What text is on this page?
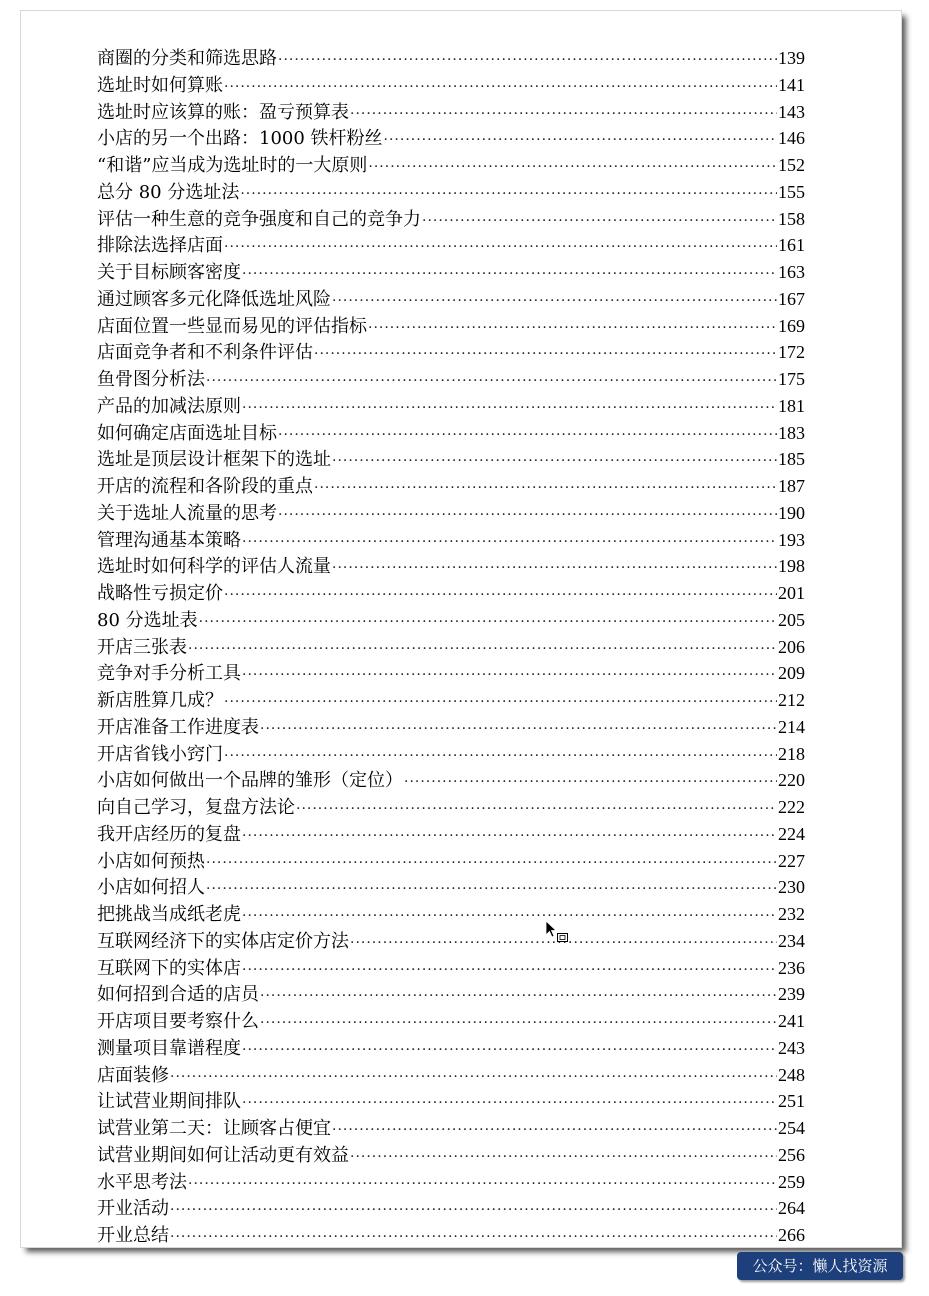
商圈的分类和筛选思路 ·····	139
选址时如何算账 ·····	141
选址时应该算的账：盈亏预算表 ·····	143
小店的另一个出路：1000 铁杆粉丝 ·····	146
“和谐”应当成为选址时的一大原则 ·····	152
总分 80 分选址法 ·····	155
评估一种生意的竞争强度和自己的竞争力 ·····	158
排除法选择店面 ·····	161
关于目标顾客密度 ·····	163
通过顾客多元化降低选址风险 ·····	167
店面位置一些显而易见的评估指标 ·····	169
店面竞争者和不利条件评估 ·····	172
鱼骨图分析法 ·····	175
产品的加减法原则 ·····	181
如何确定店面选址目标 ·····	183
选址是顶层设计框架下的选址 ·····	185
开店的流程和各阶段的重点 ·····	187
关于选址人流量的思考 ·····	190
管理沟通基本策略 ·····	193
选址时如何科学的评估人流量 ·····	198
战略性亏损定价 ·····	201
80 分选址表 ·····	205
开店三张表 ·····	206
竞争对手分析工具 ·····	209
新店胜算几成？ ·····	212
开店准备工作进度表 ·····	214
开店省钱小窍门 ·····	218
小店如何做出一个品牌的雏形（定位） ·····	220
向自己学习，复盘方法论 ·····	222
我开店经历的复盘 ·····	224
小店如何预热 ·····	227
小店如何招人 ·····	230
把挑战当成纸老虎 ·····	232
互联网经济下的实体店定价方法 ·····	234
互联网下的实体店 ·····	236
如何招到合适的店员 ·····	239
开店项目要考察什么 ·····	241
测量项目靠谱程度 ·····	243
店面装修 ·····	248
让试营业期间排队 ·····	251
试营业第二天：让顾客占便宜 ·····	254
试营业期间如何让活动更有效益 ·····	256
水平思考法 ·····	259
开业活动 ·····	264
开业总结 ·····	266
公众号：懒人找资源
